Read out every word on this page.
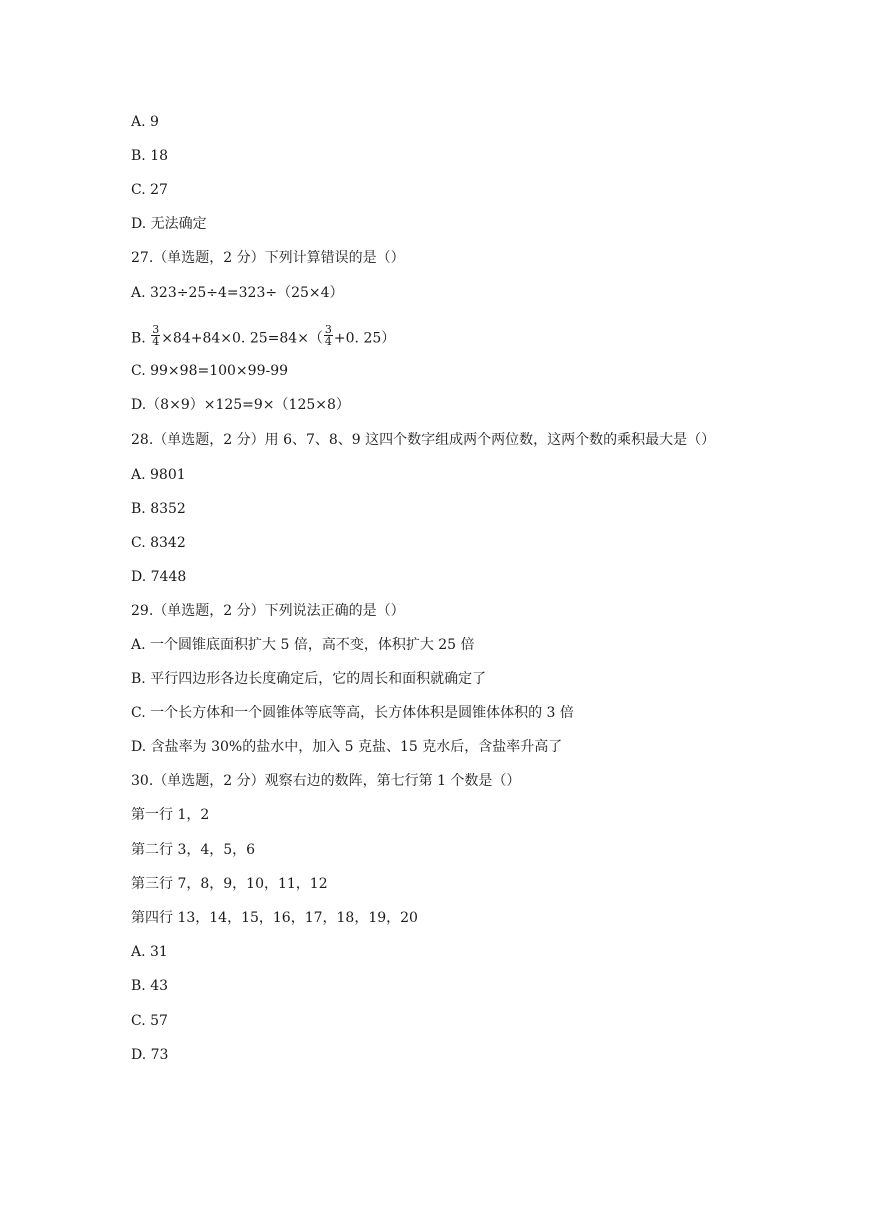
A. 9
B. 18
C. 27
D. 无法确定
27.（单选题，2 分）下列计算错误的是（）
A. 323÷25÷4=323÷（25×4）
B. $\frac{3}{4} \times 84+84\times 0$. $25=84\times( \frac{3}{4} +0$. 25）
C. 99×98=100×99-99
D.（8×9）×125=9×（125×8）
28.（单选题，2 分）用 6、7、8、9 这四个数字组成两个两位数，这两个数的乘积最大是（）
A. 9801
B. 8352
C. 8342
D. 7448
29.（单选题，2 分）下列说法正确的是（）
A. 一个圆锥底面积扩大 5 倍，高不变，体积扩大 25 倍
B. 平行四边形各边长度确定后，它的周长和面积就确定了
C. 一个长方体和一个圆锥体等底等高，长方体体积是圆锥体体积的 3 倍
D. 含盐率为 30%的盐水中，加入 5 克盐、15 克水后，含盐率升高了
30.（单选题，2 分）观察右边的数阵，第七行第 1 个数是（）
第一行 1，2
第二行 3，4，5，6
第三行 7，8，9，10，11，12
第四行 13，14，15，16，17，18，19，20
A. 31
B. 43
C. 57
D. 73
